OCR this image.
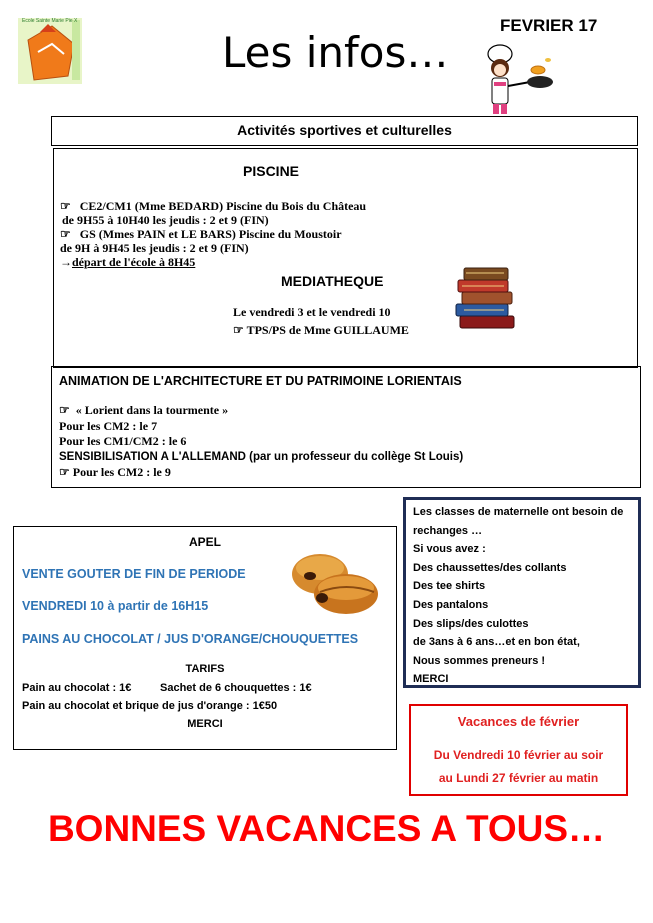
Ecole Sainte Marie Pie X
Les infos…
FEVRIER 17
Activités sportives et culturelles
PISCINE
☞ CE2/CM1 (Mme BEDARD) Piscine du Bois du Château
de 9H55 à 10H40 les jeudis : 2 et 9 (FIN)
☞ GS (Mmes PAIN et LE BARS) Piscine du Moustoir
de 9H à 9H45 les jeudis : 2 et 9 (FIN)
→départ de l'école à 8H45
MEDIATHEQUE
Le vendredi 3 et le vendredi 10
☞ TPS/PS de Mme GUILLAUME
ANIMATION DE L'ARCHITECTURE ET DU PATRIMOINE LORIENTAIS
☞ « Lorient dans la tourmente »
Pour les CM2 : le 7
Pour les CM1/CM2 : le 6
SENSIBILISATION A L'ALLEMAND (par un professeur du collège St Louis)
☞ Pour les CM2 : le 9
APEL
VENTE GOUTER DE FIN DE PERIODE
VENDREDI 10 à partir de 16H15
PAINS AU CHOCOLAT / JUS D'ORANGE/CHOUQUETTES
TARIFS
Pain au chocolat : 1€	Sachet de 6 chouquettes : 1€
Pain au chocolat et brique de jus d'orange : 1€50
MERCI
Les classes de maternelle ont besoin de
rechanges …
Si vous avez :
Des chaussettes/des collants
Des tee shirts
Des pantalons
Des slips/des culottes
de 3ans à 6 ans…et en bon état,
Nous sommes preneurs !
MERCI
Vacances de février
Du Vendredi 10 février au soir
au Lundi 27 février au matin
BONNES VACANCES A TOUS…
